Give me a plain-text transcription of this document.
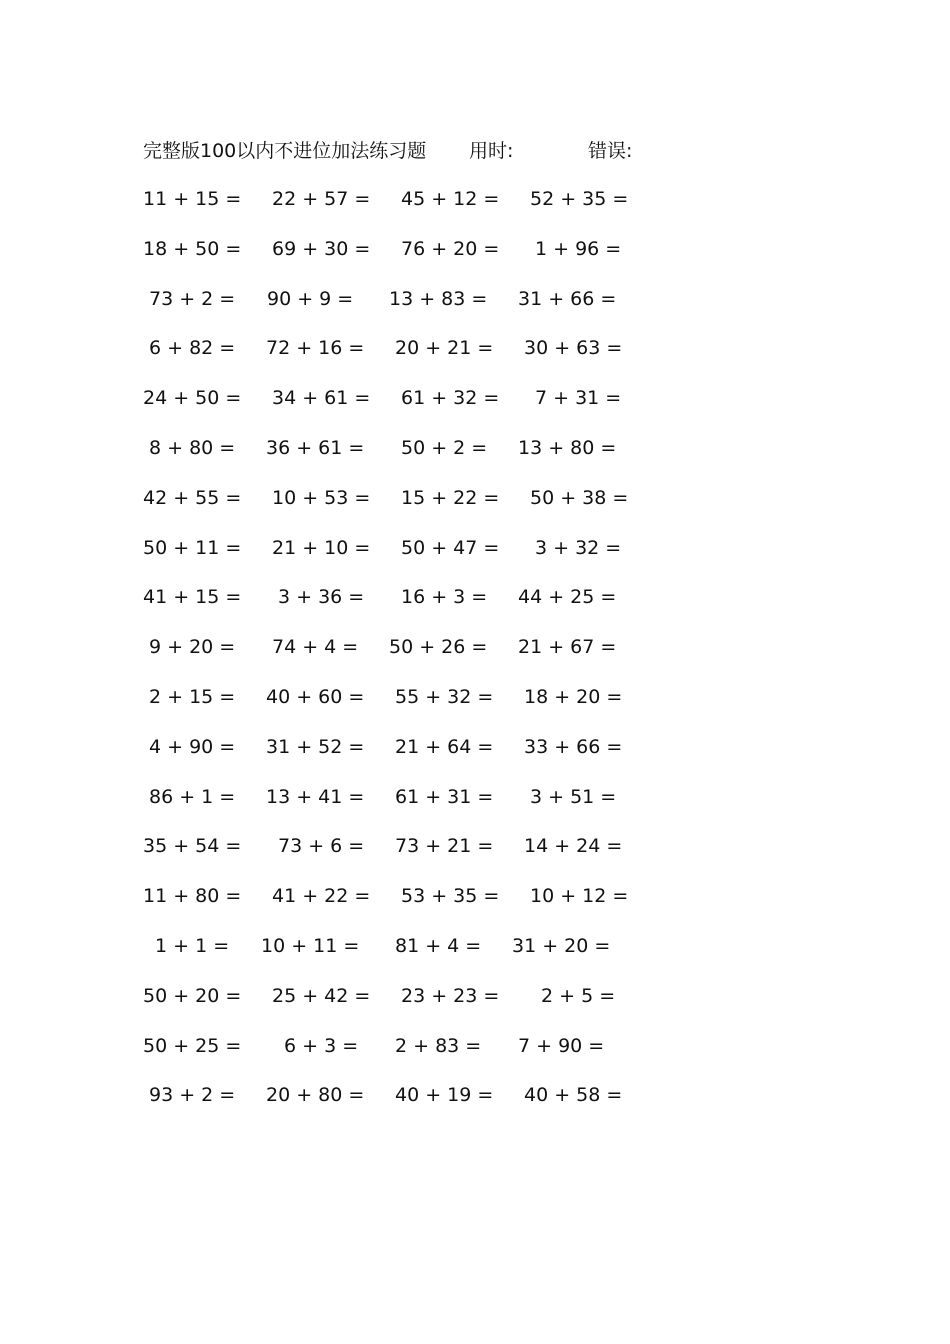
完整版100以内不进位加法练习题 用时:	错误:
11 + 15 = 22 + 57 = 45 + 12 = 52 + 35 =
18 + 50 = 69 + 30 = 76 + 20 = 1 + 96 =
73 + 2 = 90 + 9 = 13 + 83 = 31 + 66 =
6 + 82 = 72 + 16 = 20 + 21 = 30 + 63 =
24 + 50 = 34 + 61 = 61 + 32 = 7 + 31 =
8 + 80 = 36 + 61 = 50 + 2 = 13 + 80 =
42 + 55 = 10 + 53 = 15 + 22 = 50 + 38 =
50 + 11 = 21 + 10 = 50 + 47 = 3 + 32 =
41 + 15 = 3 + 36 = 16 + 3 = 44 + 25 =
9 + 20 = 74 + 4 = 50 + 26 = 21 + 67 =
2 + 15 = 40 + 60 = 55 + 32 = 18 + 20 =
4 + 90 = 31 + 52 = 21 + 64 = 33 + 66 =
86 + 1 = 13 + 41 = 61 + 31 = 3 + 51 =
35 + 54 = 73 + 6 = 73 + 21 = 14 + 24 =
11 + 80 = 41 + 22 = 53 + 35 = 10 + 12 =
1 + 1 = 10 + 11 = 81 + 4 = 31 + 20 =
50 + 20 = 25 + 42 = 23 + 23 = 2 + 5 =
50 + 25 = 6 + 3 = 2 + 83 = 7 + 90 =
93 + 2 = 20 + 80 = 40 + 19 = 40 + 58 =
